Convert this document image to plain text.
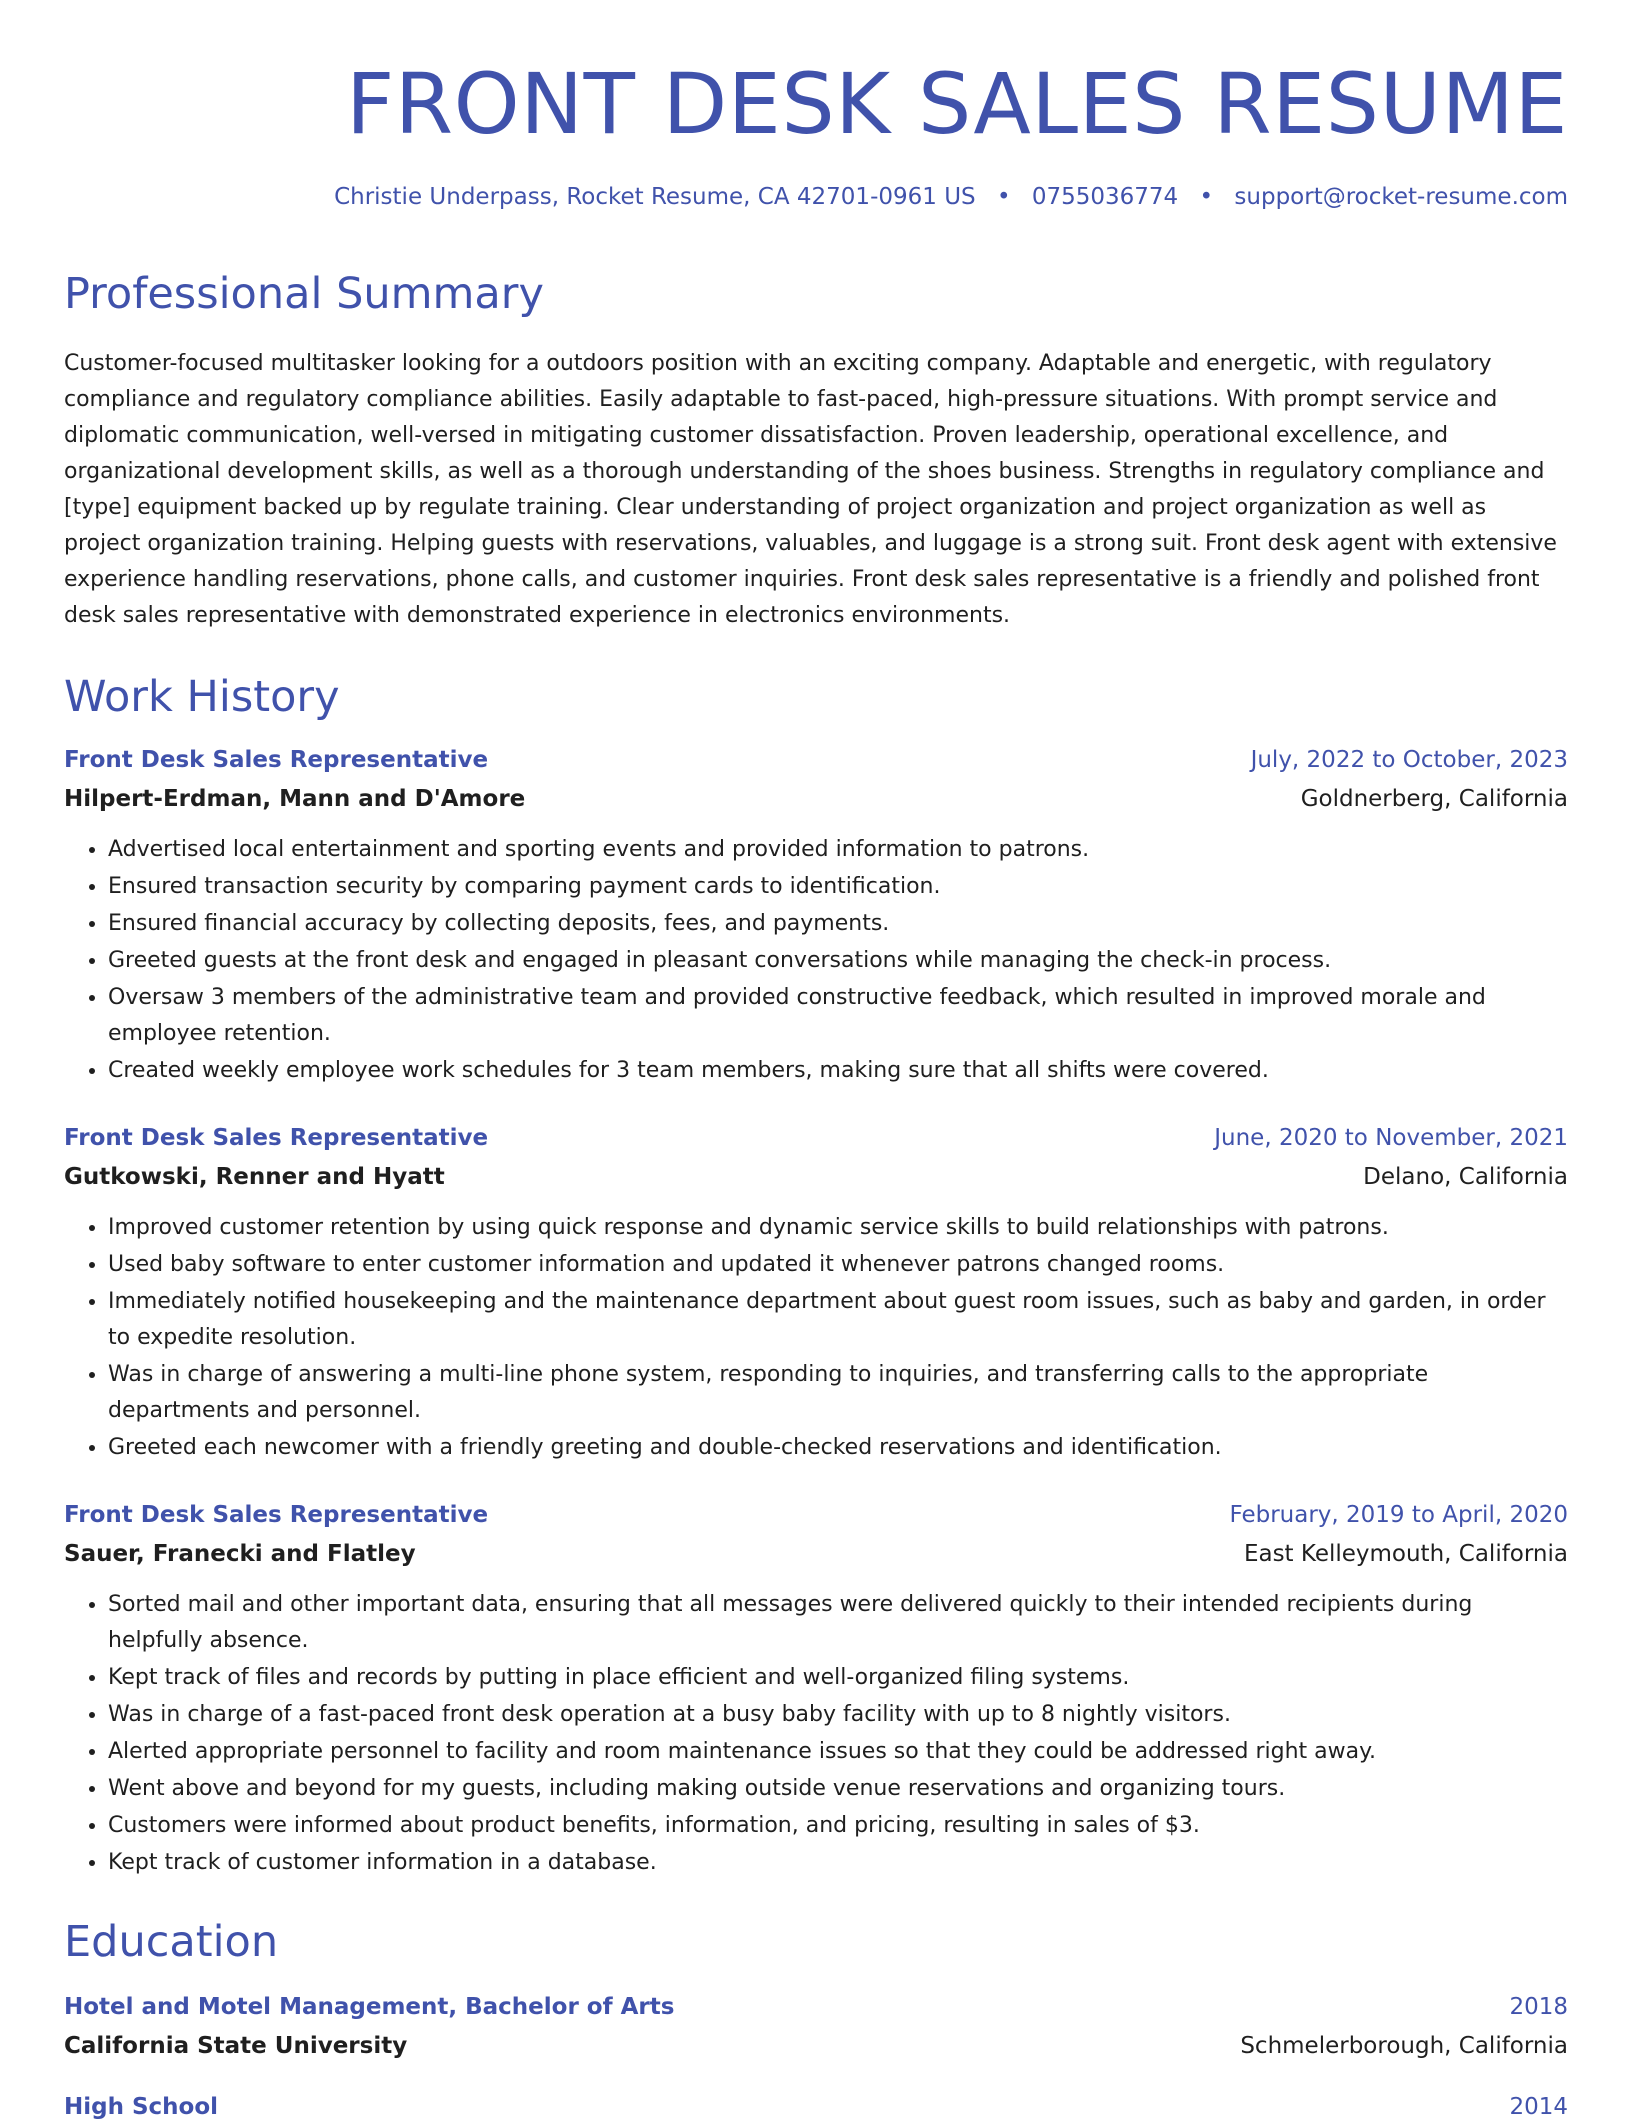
FRONT DESK SALES RESUME
Christie Underpass, Rocket Resume, CA 42701-0961 US • 0755036774 • support@rocket-resume.com
Professional Summary
Customer-focused multitasker looking for a outdoors position with an exciting company. Adaptable and energetic, with regulatory compliance and regulatory compliance abilities. Easily adaptable to fast-paced, high-pressure situations. With prompt service and diplomatic communication, well-versed in mitigating customer dissatisfaction. Proven leadership, operational excellence, and organizational development skills, as well as a thorough understanding of the shoes business. Strengths in regulatory compliance and [type] equipment backed up by regulate training. Clear understanding of project organization and project organization as well as project organization training. Helping guests with reservations, valuables, and luggage is a strong suit. Front desk agent with extensive experience handling reservations, phone calls, and customer inquiries. Front desk sales representative is a friendly and polished front desk sales representative with demonstrated experience in electronics environments.
Work History
Front Desk Sales Representative	July, 2022 to October, 2023
Hilpert-Erdman, Mann and D'Amore	Goldnerberg, California
• Advertised local entertainment and sporting events and provided information to patrons.
• Ensured transaction security by comparing payment cards to identification.
• Ensured financial accuracy by collecting deposits, fees, and payments.
• Greeted guests at the front desk and engaged in pleasant conversations while managing the check-in process.
• Oversaw 3 members of the administrative team and provided constructive feedback, which resulted in improved morale and employee retention.
• Created weekly employee work schedules for 3 team members, making sure that all shifts were covered.
Front Desk Sales Representative	June, 2020 to November, 2021
Gutkowski, Renner and Hyatt	Delano, California
• Improved customer retention by using quick response and dynamic service skills to build relationships with patrons.
• Used baby software to enter customer information and updated it whenever patrons changed rooms.
• Immediately notified housekeeping and the maintenance department about guest room issues, such as baby and garden, in order to expedite resolution.
• Was in charge of answering a multi-line phone system, responding to inquiries, and transferring calls to the appropriate departments and personnel.
• Greeted each newcomer with a friendly greeting and double-checked reservations and identification.
Front Desk Sales Representative	February, 2019 to April, 2020
Sauer, Franecki and Flatley	East Kelleymouth, California
• Sorted mail and other important data, ensuring that all messages were delivered quickly to their intended recipients during helpfully absence.
• Kept track of files and records by putting in place efficient and well-organized filing systems.
• Was in charge of a fast-paced front desk operation at a busy baby facility with up to 8 nightly visitors.
• Alerted appropriate personnel to facility and room maintenance issues so that they could be addressed right away.
• Went above and beyond for my guests, including making outside venue reservations and organizing tours.
• Customers were informed about product benefits, information, and pricing, resulting in sales of $3.
• Kept track of customer information in a database.
Education
Hotel and Motel Management, Bachelor of Arts	2018
California State University	Schmelerborough, California
High School	2014
